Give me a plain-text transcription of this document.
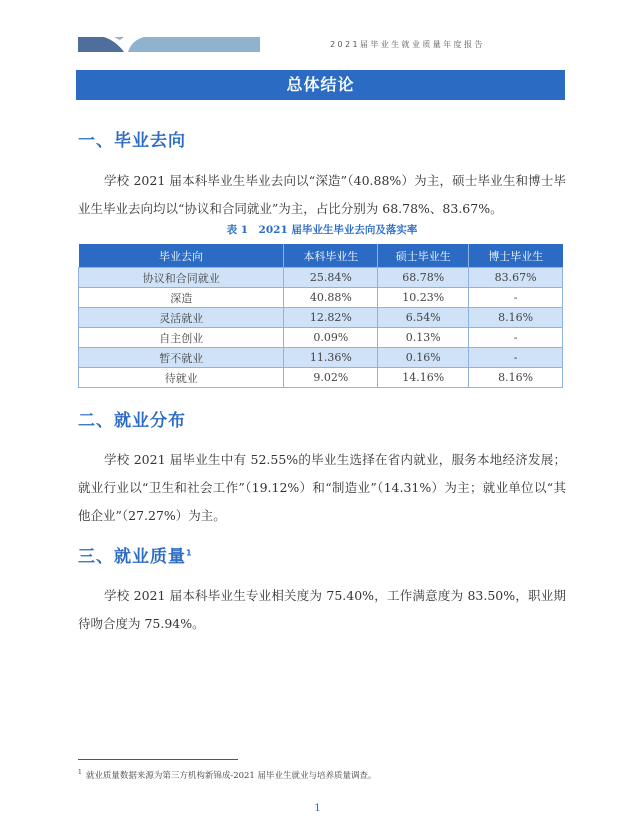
2021届毕业生就业质量年度报告
总体结论
一、毕业去向
学校 2021 届本科毕业生毕业去向以“深造”（40.88%）为主，硕士毕业生和博士毕业生毕业去向均以“协议和合同就业”为主，占比分别为 68.78%、83.67%。
表 1　2021 届毕业生毕业去向及落实率
毕业去向	本科毕业生	硕士毕业生	博士毕业生
协议和合同就业	25.84%	68.78%	83.67%
深造	40.88%	10.23%	-
灵活就业	12.82%	6.54%	8.16%
自主创业	0.09%	0.13%	-
暂不就业	11.36%	0.16%	-
待就业	9.02%	14.16%	8.16%
二、就业分布
学校 2021 届毕业生中有 52.55%的毕业生选择在省内就业，服务本地经济发展；就业行业以“卫生和社会工作”（19.12%）和“制造业”（14.31%）为主；就业单位以“其他企业”（27.27%）为主。
三、就业质量$^1$
学校 2021 届本科毕业生专业相关度为 75.40%，工作满意度为 83.50%，职业期待吻合度为 75.94%。
$^1$ 就业质量数据来源为第三方机构新锦成-2021 届毕业生就业与培养质量调查。
1
